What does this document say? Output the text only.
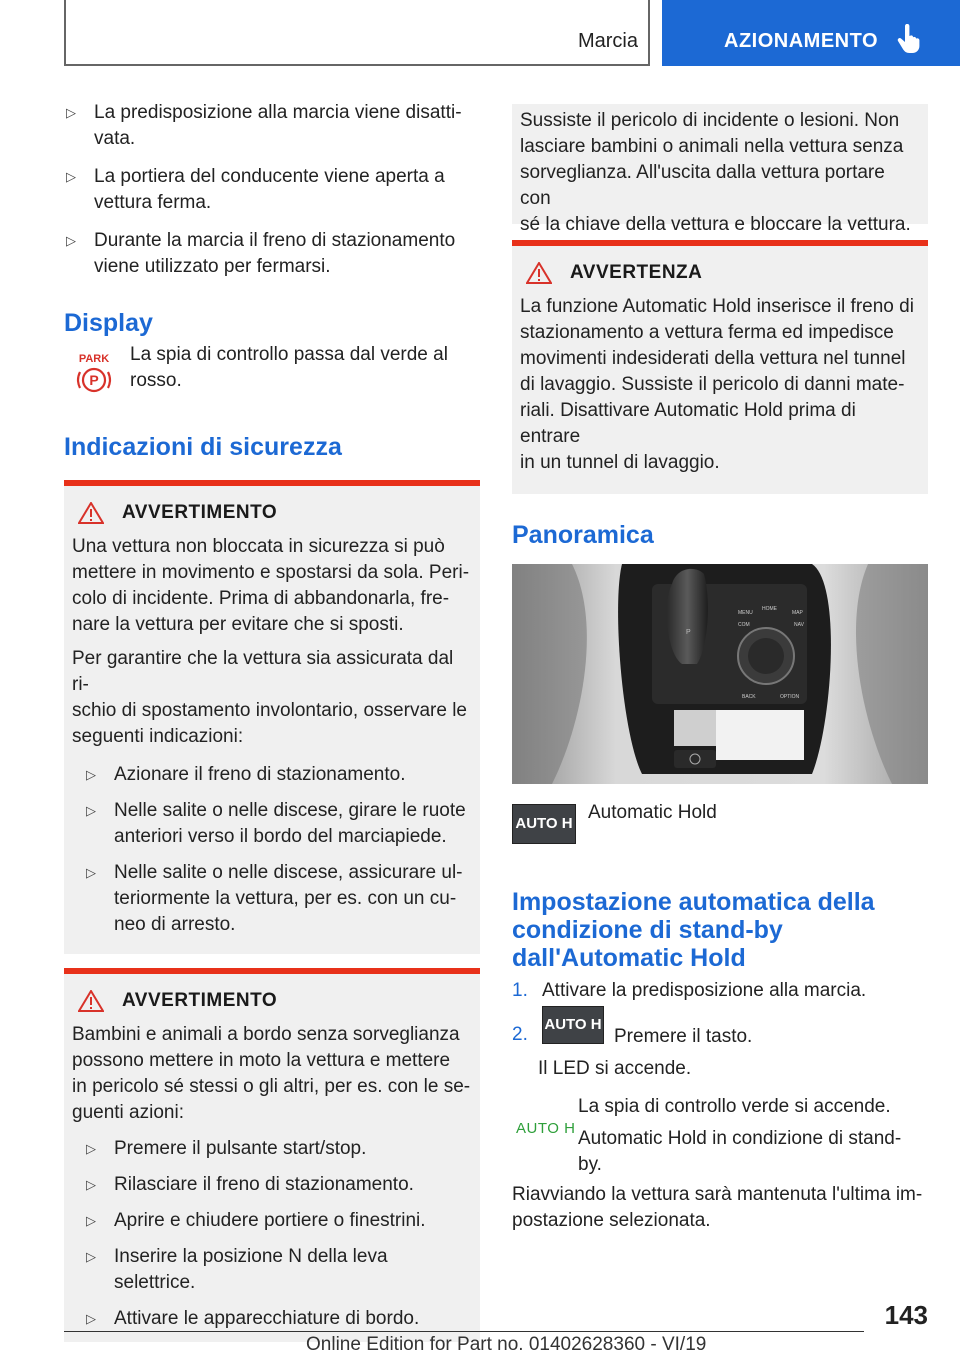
Marcia	AZIONAMENTO
▷ La predisposizione alla marcia viene disatti-
vata.
▷ La portiera del conducente viene aperta a
vettura ferma.
▷ Durante la marcia il freno di stazionamento
viene utilizzato per fermarsi.
Display
PARK
P
La spia di controllo passa dal verde al
rosso.
Indicazioni di sicurezza
AVVERTIMENTO
Una vettura non bloccata in sicurezza si può
mettere in movimento e spostarsi da sola. Peri-
colo di incidente. Prima di abbandonarla, fre-
nare la vettura per evitare che si sposti.
Per garantire che la vettura sia assicurata dal ri-
schio di spostamento involontario, osservare le
seguenti indicazioni:
▷ Azionare il freno di stazionamento.
▷ Nelle salite o nelle discese, girare le ruote
anteriori verso il bordo del marciapiede.
▷ Nelle salite o nelle discese, assicurare ul-
teriormente la vettura, per es. con un cu-
neo di arresto.
AVVERTIMENTO
Bambini e animali a bordo senza sorveglianza
possono mettere in moto la vettura e mettere
in pericolo sé stessi o gli altri, per es. con le se-
guenti azioni:
▷ Premere il pulsante start/stop.
▷ Rilasciare il freno di stazionamento.
▷ Aprire e chiudere portiere o finestrini.
▷ Inserire la posizione N della leva selettrice.
▷ Attivare le apparecchiature di bordo.
Sussiste il pericolo di incidente o lesioni. Non
lasciare bambini o animali nella vettura senza
sorveglianza. All'uscita dalla vettura portare con
sé la chiave della vettura e bloccare la vettura.
AVVERTENZA
La funzione Automatic Hold inserisce il freno di
stazionamento a vettura ferma ed impedisce
movimenti indesiderati della vettura nel tunnel
di lavaggio. Sussiste il pericolo di danni mate-
riali. Disattivare Automatic Hold prima di entrare
in un tunnel di lavaggio.
Panoramica
P
MENU
HOME
MAP
COM	NAV
BACK	OPTION
AUTO H
Automatic Hold
Impostazione automatica della
condizione di stand-by
dall'Automatic Hold
1. Attivare la predisposizione alla marcia.
2. AUTO H
Premere il tasto.
Il LED si accende.
AUTO H
La spia di controllo verde si accende.
Automatic Hold in condizione di stand-
by.
Riavviando la vettura sarà mantenuta l'ultima im-
postazione selezionata.
143
Online Edition for Part no. 01402628360 - VI/19
